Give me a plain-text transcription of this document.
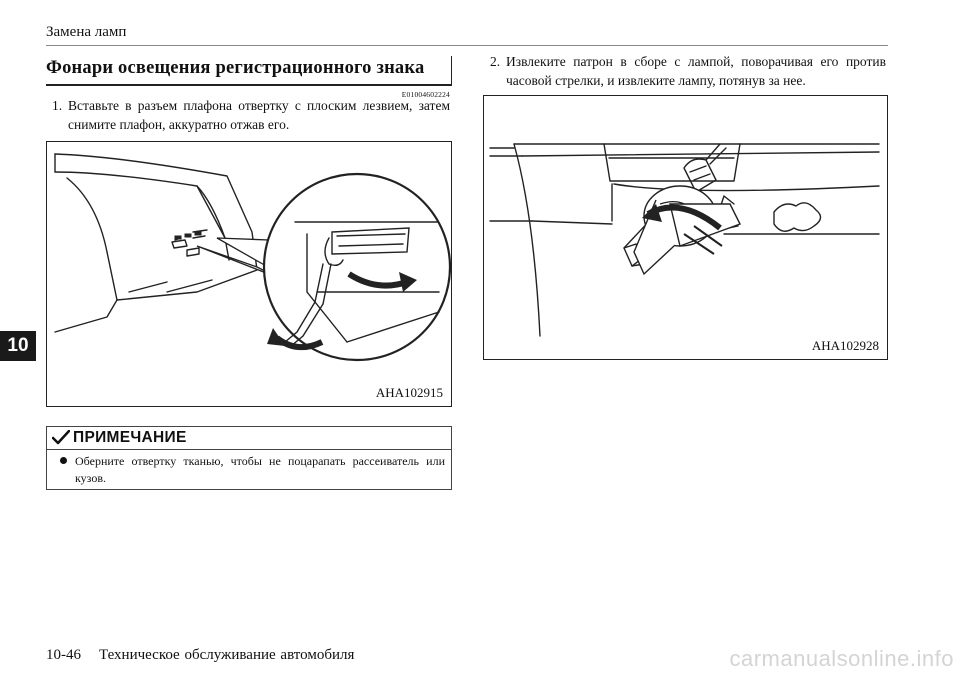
Замена ламп
Фонари освещения регистрационного знака
E01004602224
1. Вставьте в разъем плафона отвертку с плоским лезвием, затем снимите плафон, аккуратно отжав его.
AHA102915
ПРИМЕЧАНИЕ
Оберните отвертку тканью, чтобы не поцарапать рассеиватель или кузов.
2. Извлеките патрон в сборе с лампой, поворачивая его против часовой стрелки, и извлеките лампу, потянув за нее.
AHA102928
10
10-46 Техническое обслуживание автомобиля	carmanualsonline.info
